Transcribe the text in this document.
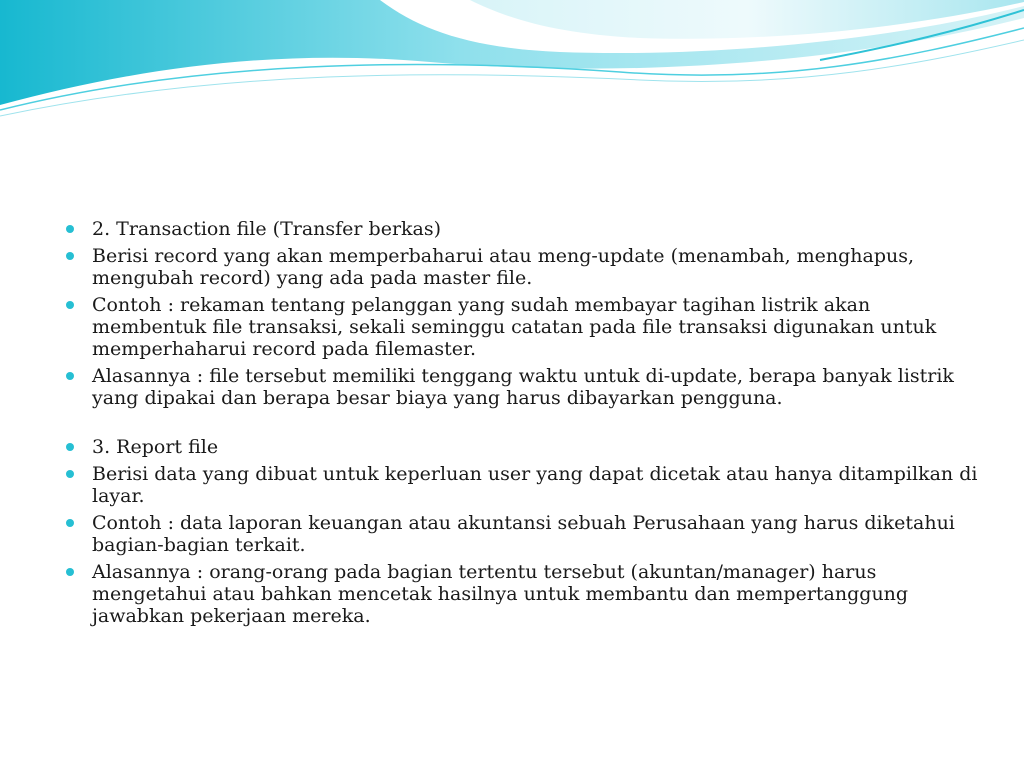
2. Transaction file (Transfer berkas)
Berisi record yang akan memperbaharui atau meng-update (menambah, menghapus, mengubah record) yang ada pada master file.
Contoh : rekaman tentang pelanggan yang sudah membayar tagihan listrik akan membentuk file transaksi, sekali seminggu catatan pada file transaksi digunakan untuk memperhaharui record pada filemaster.
Alasannya : file tersebut memiliki tenggang waktu untuk di-update, berapa banyak listrik yang dipakai dan berapa besar biaya yang harus dibayarkan pengguna.
3. Report file
Berisi data yang dibuat untuk keperluan user yang dapat dicetak atau hanya ditampilkan di layar.
Contoh : data laporan keuangan atau akuntansi sebuah Perusahaan yang harus diketahui bagian-bagian terkait.
Alasannya : orang-orang pada bagian tertentu tersebut (akuntan/manager) harus mengetahui atau bahkan mencetak hasilnya untuk membantu dan mempertanggung jawabkan pekerjaan mereka.
